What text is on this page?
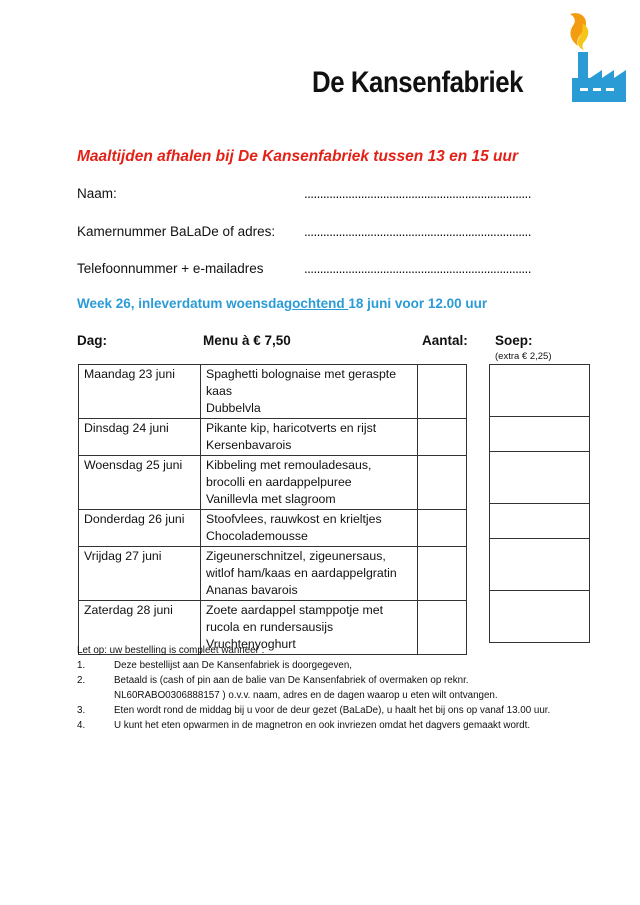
De Kansenfabriek
Maaltijden afhalen bij De Kansenfabriek tussen 13 en 15 uur
Naam:	........................................................................
Kamernummer BaLaDe of adres: ........................................................................
Telefoonnummer + e-mailadres	........................................................................
Week 26, inleverdatum woensdagochtend 18 juni voor 12.00 uur
Dag:	Menu à € 7,50	Aantal: Soep:
(extra € 2,25)
Maandag 23 juni	Spaghetti bolognaise met geraspte
kaas
Dubbelvla	

Dinsdag 24 juni	Pikante kip, haricotverts en rijst
Kersenbavarois	

Woensdag 25 juni	Kibbeling met remouladesaus,
brocolli en aardappelpuree
Vanillevla met slagroom	

Donderdag 26 juni	Stoofvlees, rauwkost en krieltjes
Chocolademousse	

Vrijdag 27 juni	Zigeunerschnitzel, zigeunersaus,
witlof ham/kaas en aardappelgratin
Ananas bavarois	

Zaterdag 28 juni	Zoete aardappel stamppotje met
rucola en rundersausijs
Vruchtenyoghurt	

Let op: uw bestelling is compleet wanneer :
1.	Deze bestellijst aan De Kansenfabriek is doorgegeven,
2.	Betaald is (cash of pin aan de balie van De Kansenfabriek of overmaken op reknr. NL60RABO0306888157 ) o.v.v. naam, adres en de dagen waarop u eten wilt ontvangen.
3.	Eten wordt rond de middag bij u voor de deur gezet (BaLaDe), u haalt het bij ons op vanaf 13.00 uur.
4.	U kunt het eten opwarmen in de magnetron en ook invriezen omdat het dagvers gemaakt wordt.
